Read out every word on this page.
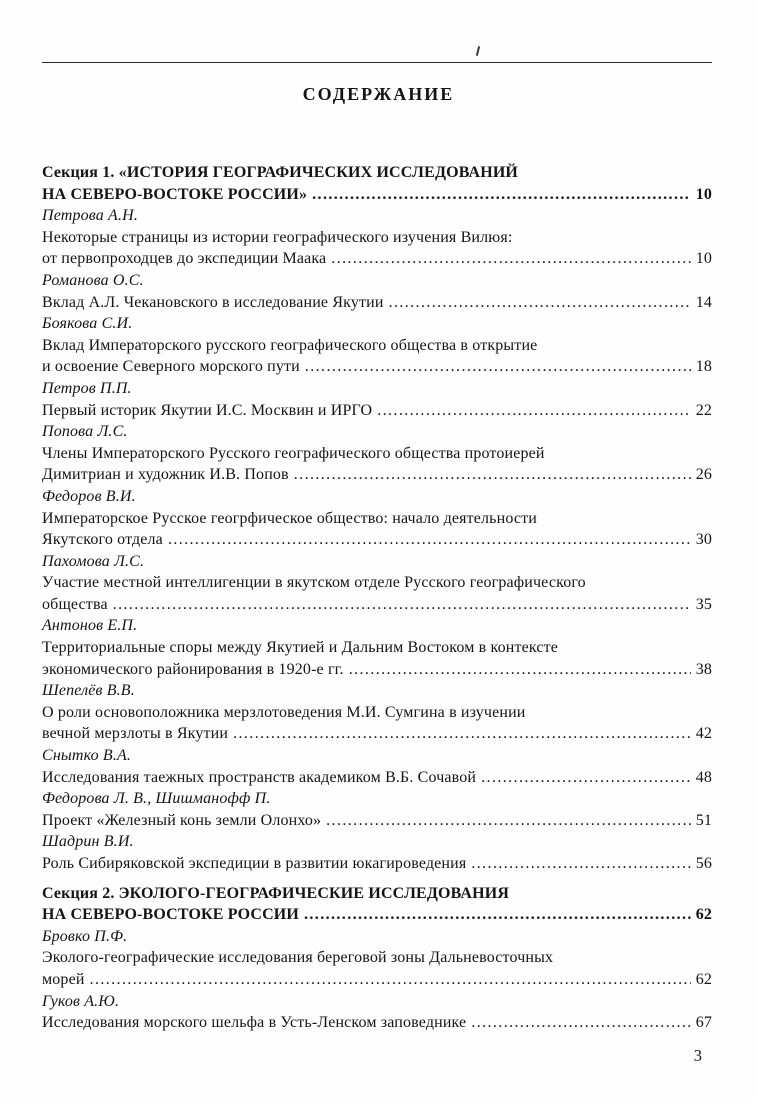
СОДЕРЖАНИЕ
Секция 1. «ИСТОРИЯ ГЕОГРАФИЧЕСКИХ ИССЛЕДОВАНИЙ
НА СЕВЕРО-ВОСТОКЕ РОССИИ» .....	10
Петрова А.Н.
Некоторые страницы из истории географического изучения Вилюя:
от первопроходцев до экспедиции Маака .....	10
Романова О.С.
Вклад А.Л. Чекановского в исследование Якутии .....	14
Боякова С.И.
Вклад Императорского русского географического общества в открытие
и освоение Северного морского пути .....	18
Петров П.П.
Первый историк Якутии И.С. Москвин и ИРГО .....	22
Попова Л.С.
Члены Императорского Русского географического общества протоиерей
Димитриан и художник И.В. Попов .....	26
Федоров В.И.
Императорское Русское геогрфическое общество: начало деятельности
Якутского отдела .....	30
Пахомова Л.С.
Участие местной интеллигенции в якутском отделе Русского географического
общества .....	35
Антонов Е.П.
Территориальные споры между Якутией и Дальним Востоком в контексте
экономического районирования в 1920-е гг. .....	38
Шепелёв В.В.
О роли основоположника мерзлотоведения М.И. Сумгина в изучении
вечной мерзлоты в Якутии .....	42
Снытко В.А.
Исследования таежных пространств академиком В.Б. Сочавой .....	48
Федорова Л. В., Шишманофф П.
Проект «Железный конь земли Олонхо» .....	51
Шадрин В.И.
Роль Сибиряковской экспедиции в развитии юкагироведения .....	56
Секция 2. ЭКОЛОГО-ГЕОГРАФИЧЕСКИЕ ИССЛЕДОВАНИЯ
НА СЕВЕРО-ВОСТОКЕ РОССИИ .....	62
Бровко П.Ф.
Эколого-географические исследования береговой зоны Дальневосточных
морей .....	62
Гуков А.Ю.
Исследования морского шельфа в Усть-Ленском заповеднике .....	67
3
